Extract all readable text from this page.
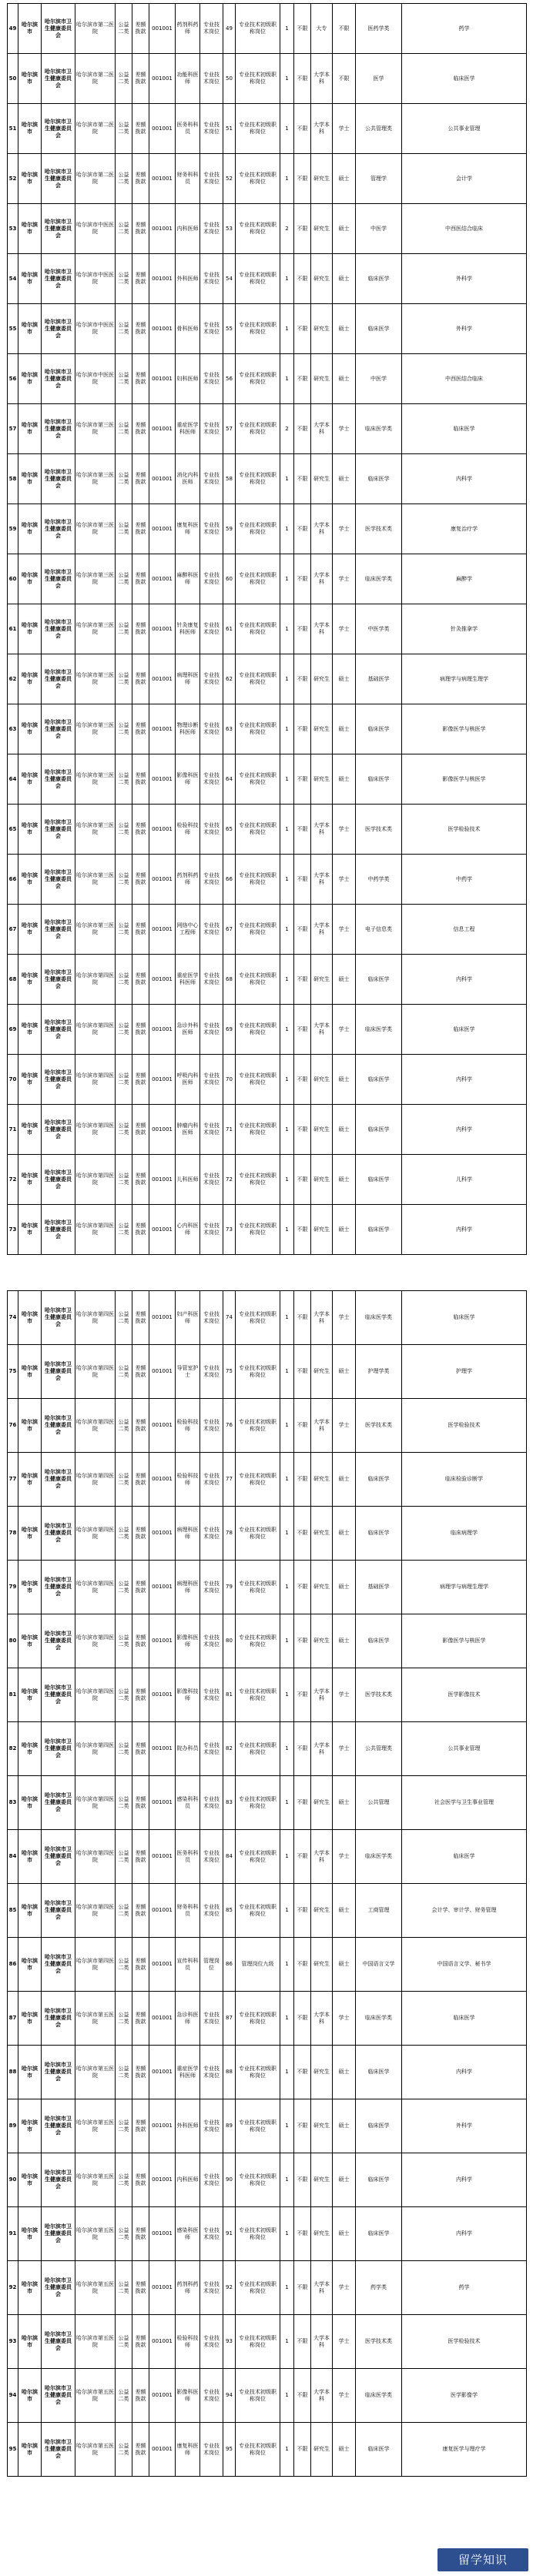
49	哈尔滨市	哈尔滨市卫生健康委员会	哈尔滨市第二医院	公益二类	差额拨款	001001	药剂科药师	专业技术岗位	49	专业技术初级职称岗位	1	不限	大专	不限	医药学类	药学
50	哈尔滨市	哈尔滨市卫生健康委员会	哈尔滨市第二医院	公益二类	差额拨款	001001	功能科医师	专业技术岗位	50	专业技术初级职称岗位	1	不限	大学本科	不限	医学	临床医学
51	哈尔滨市	哈尔滨市卫生健康委员会	哈尔滨市第二医院	公益二类	差额拨款	001001	医务科科员	专业技术岗位	51	专业技术初级职称岗位	1	不限	大学本科	学士	公共管理类	公共事业管理
52	哈尔滨市	哈尔滨市卫生健康委员会	哈尔滨市第二医院	公益二类	差额拨款	001001	财务科科员	专业技术岗位	52	专业技术初级职称岗位	1	不限	研究生	硕士	管理学	会计学
53	哈尔滨市	哈尔滨市卫生健康委员会	哈尔滨市中医医院	公益二类	差额拨款	001001	内科医师	专业技术岗位	53	专业技术初级职称岗位	2	不限	研究生	硕士	中医学	中西医结合临床
54	哈尔滨市	哈尔滨市卫生健康委员会	哈尔滨市中医医院	公益二类	差额拨款	001001	外科医师	专业技术岗位	54	专业技术初级职称岗位	1	不限	研究生	硕士	临床医学	外科学
55	哈尔滨市	哈尔滨市卫生健康委员会	哈尔滨市中医医院	公益二类	差额拨款	001001	骨科医师	专业技术岗位	55	专业技术初级职称岗位	1	不限	研究生	硕士	临床医学	外科学
56	哈尔滨市	哈尔滨市卫生健康委员会	哈尔滨市中医医院	公益二类	差额拨款	001001	妇科医师	专业技术岗位	56	专业技术初级职称岗位	1	不限	研究生	硕士	中医学	中西医结合临床
57	哈尔滨市	哈尔滨市卫生健康委员会	哈尔滨市第三医院	公益二类	差额拨款	001001	重症医学科医师	专业技术岗位	57	专业技术初级职称岗位	2	不限	大学本科	学士	临床医学类	临床医学
58	哈尔滨市	哈尔滨市卫生健康委员会	哈尔滨市第三医院	公益二类	差额拨款	001001	消化内科医师	专业技术岗位	58	专业技术初级职称岗位	1	不限	研究生	硕士	临床医学	内科学
59	哈尔滨市	哈尔滨市卫生健康委员会	哈尔滨市第三医院	公益二类	差额拨款	001001	康复科医师	专业技术岗位	59	专业技术初级职称岗位	1	不限	大学本科	学士	医学技术类	康复治疗学
60	哈尔滨市	哈尔滨市卫生健康委员会	哈尔滨市第三医院	公益二类	差额拨款	001001	麻醉科医师	专业技术岗位	60	专业技术初级职称岗位	1	不限	大学本科	学士	临床医学类	麻醉学
61	哈尔滨市	哈尔滨市卫生健康委员会	哈尔滨市第三医院	公益二类	差额拨款	001001	针灸康复科医师	专业技术岗位	61	专业技术初级职称岗位	1	不限	大学本科	学士	中医学类	针灸推拿学
62	哈尔滨市	哈尔滨市卫生健康委员会	哈尔滨市第三医院	公益二类	差额拨款	001001	病理科医师	专业技术岗位	62	专业技术初级职称岗位	1	不限	研究生	硕士	基础医学	病理学与病理生理学
63	哈尔滨市	哈尔滨市卫生健康委员会	哈尔滨市第三医院	公益二类	差额拨款	001001	物理诊断科医师	专业技术岗位	63	专业技术初级职称岗位	1	不限	研究生	硕士	临床医学	影像医学与核医学
64	哈尔滨市	哈尔滨市卫生健康委员会	哈尔滨市第三医院	公益二类	差额拨款	001001	影像科医师	专业技术岗位	64	专业技术初级职称岗位	1	不限	研究生	硕士	临床医学	影像医学与核医学
65	哈尔滨市	哈尔滨市卫生健康委员会	哈尔滨市第三医院	公益二类	差额拨款	001001	检验科技师	专业技术岗位	65	专业技术初级职称岗位	1	不限	大学本科	学士	医学技术类	医学检验技术
66	哈尔滨市	哈尔滨市卫生健康委员会	哈尔滨市第三医院	公益二类	差额拨款	001001	药剂科药师	专业技术岗位	66	专业技术初级职称岗位	1	不限	大学本科	学士	中药学类	中药学
67	哈尔滨市	哈尔滨市卫生健康委员会	哈尔滨市第三医院	公益二类	差额拨款	001001	网络中心工程师	专业技术岗位	67	专业技术初级职称岗位	1	不限	大学本科	学士	电子信息类	信息工程
68	哈尔滨市	哈尔滨市卫生健康委员会	哈尔滨市第四医院	公益二类	差额拨款	001001	重症医学科医师	专业技术岗位	68	专业技术初级职称岗位	1	不限	研究生	硕士	临床医学	内科学
69	哈尔滨市	哈尔滨市卫生健康委员会	哈尔滨市第四医院	公益二类	差额拨款	001001	急诊外科医师	专业技术岗位	69	专业技术初级职称岗位	1	不限	大学本科	学士	临床医学类	临床医学
70	哈尔滨市	哈尔滨市卫生健康委员会	哈尔滨市第四医院	公益二类	差额拨款	001001	呼吸内科医师	专业技术岗位	70	专业技术初级职称岗位	1	不限	研究生	硕士	临床医学	内科学
71	哈尔滨市	哈尔滨市卫生健康委员会	哈尔滨市第四医院	公益二类	差额拨款	001001	肿瘤内科医师	专业技术岗位	71	专业技术初级职称岗位	1	不限	研究生	硕士	临床医学	内科学
72	哈尔滨市	哈尔滨市卫生健康委员会	哈尔滨市第四医院	公益二类	差额拨款	001001	儿科医师	专业技术岗位	72	专业技术初级职称岗位	1	不限	研究生	硕士	临床医学	儿科学
73	哈尔滨市	哈尔滨市卫生健康委员会	哈尔滨市第四医院	公益二类	差额拨款	001001	心内科医师	专业技术岗位	73	专业技术初级职称岗位	1	不限	研究生	硕士	临床医学	内科学
74	哈尔滨市	哈尔滨市卫生健康委员会	哈尔滨市第四医院	公益二类	差额拨款	001001	妇产科医师	专业技术岗位	74	专业技术初级职称岗位	1	不限	大学本科	学士	临床医学类	临床医学
75	哈尔滨市	哈尔滨市卫生健康委员会	哈尔滨市第四医院	公益二类	差额拨款	001001	导管室护士	专业技术岗位	75	专业技术初级职称岗位	1	不限	研究生	硕士	护理学类	护理学
76	哈尔滨市	哈尔滨市卫生健康委员会	哈尔滨市第四医院	公益二类	差额拨款	001001	检验科技师	专业技术岗位	76	专业技术初级职称岗位	1	不限	大学本科	学士	医学技术类	医学检验技术
77	哈尔滨市	哈尔滨市卫生健康委员会	哈尔滨市第四医院	公益二类	差额拨款	001001	检验科技师	专业技术岗位	77	专业技术初级职称岗位	1	不限	研究生	硕士	临床医学	临床检验诊断学
78	哈尔滨市	哈尔滨市卫生健康委员会	哈尔滨市第四医院	公益二类	差额拨款	001001	病理科医师	专业技术岗位	78	专业技术初级职称岗位	1	不限	研究生	硕士	临床医学	临床病理学
79	哈尔滨市	哈尔滨市卫生健康委员会	哈尔滨市第四医院	公益二类	差额拨款	001001	病理科医师	专业技术岗位	79	专业技术初级职称岗位	1	不限	研究生	硕士	基础医学	病理学与病理生理学
80	哈尔滨市	哈尔滨市卫生健康委员会	哈尔滨市第四医院	公益二类	差额拨款	001001	影像科医师	专业技术岗位	80	专业技术初级职称岗位	1	不限	研究生	硕士	临床医学	影像医学与核医学
81	哈尔滨市	哈尔滨市卫生健康委员会	哈尔滨市第四医院	公益二类	差额拨款	001001	影像科技师	专业技术岗位	81	专业技术初级职称岗位	1	不限	大学本科	学士	医学技术类	医学影像技术
82	哈尔滨市	哈尔滨市卫生健康委员会	哈尔滨市第四医院	公益二类	差额拨款	001001	院办科员	专业技术岗位	82	专业技术初级职称岗位	1	不限	大学本科	学士	公共管理类	公共事业管理
83	哈尔滨市	哈尔滨市卫生健康委员会	哈尔滨市第四医院	公益二类	差额拨款	001001	感染科科员	专业技术岗位	83	专业技术初级职称岗位	1	不限	研究生	硕士	公共管理	社会医学与卫生事业管理
84	哈尔滨市	哈尔滨市卫生健康委员会	哈尔滨市第四医院	公益二类	差额拨款	001001	医务科科员	专业技术岗位	84	专业技术初级职称岗位	1	不限	大学本科	学士	临床医学类	临床医学
85	哈尔滨市	哈尔滨市卫生健康委员会	哈尔滨市第四医院	公益二类	差额拨款	001001	财务科科员	专业技术岗位	85	专业技术初级职称岗位	1	不限	研究生	硕士	工商管理	会计学、审计学、财务管理
86	哈尔滨市	哈尔滨市卫生健康委员会	哈尔滨市第四医院	公益二类	差额拨款	001001	宣传科科员	管理岗位	86	管理岗位九级	1	不限	研究生	硕士	中国语言文学	中国语言文学、秘书学
87	哈尔滨市	哈尔滨市卫生健康委员会	哈尔滨市第五医院	公益二类	差额拨款	001001	急诊科医师	专业技术岗位	87	专业技术初级职称岗位	1	不限	大学本科	学士	临床医学类	临床医学
88	哈尔滨市	哈尔滨市卫生健康委员会	哈尔滨市第五医院	公益二类	差额拨款	001001	重症医学科医师	专业技术岗位	88	专业技术初级职称岗位	1	不限	研究生	硕士	临床医学	内科学
89	哈尔滨市	哈尔滨市卫生健康委员会	哈尔滨市第五医院	公益二类	差额拨款	001001	外科医师	专业技术岗位	89	专业技术初级职称岗位	1	不限	研究生	硕士	临床医学	外科学
90	哈尔滨市	哈尔滨市卫生健康委员会	哈尔滨市第五医院	公益二类	差额拨款	001001	内科医师	专业技术岗位	90	专业技术初级职称岗位	1	不限	研究生	硕士	临床医学	内科学
91	哈尔滨市	哈尔滨市卫生健康委员会	哈尔滨市第五医院	公益二类	差额拨款	001001	感染科医师	专业技术岗位	91	专业技术初级职称岗位	1	不限	研究生	硕士	临床医学	内科学
92	哈尔滨市	哈尔滨市卫生健康委员会	哈尔滨市第五医院	公益二类	差额拨款	001001	药剂科药师	专业技术岗位	92	专业技术初级职称岗位	1	不限	大学本科	学士	药学类	药学
93	哈尔滨市	哈尔滨市卫生健康委员会	哈尔滨市第五医院	公益二类	差额拨款	001001	检验科技师	专业技术岗位	93	专业技术初级职称岗位	1	不限	大学本科	学士	医学技术类	医学检验技术
94	哈尔滨市	哈尔滨市卫生健康委员会	哈尔滨市第五医院	公益二类	差额拨款	001001	影像科医师	专业技术岗位	94	专业技术初级职称岗位	1	不限	大学本科	学士	临床医学类	医学影像学
95	哈尔滨市	哈尔滨市卫生健康委员会	哈尔滨市第五医院	公益二类	差额拨款	001001	康复科医师	专业技术岗位	95	专业技术初级职称岗位	1	不限	研究生	硕士	临床医学	康复医学与理疗学
留学知识
